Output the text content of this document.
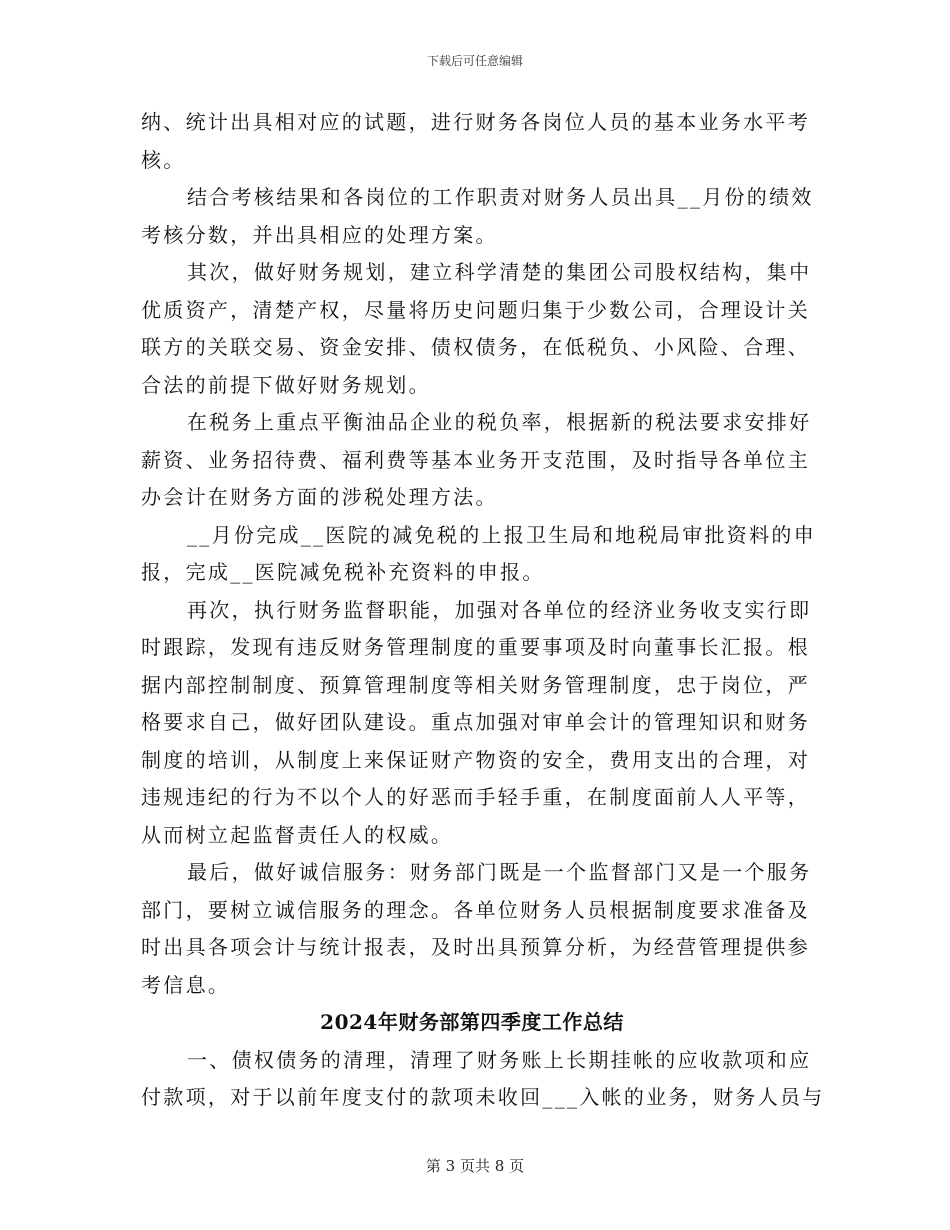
下载后可任意编辑
纳、统计出具相对应的试题，进行财务各岗位人员的基本业务水平考
核。
结合考核结果和各岗位的工作职责对财务人员出具__月份的绩效
考核分数，并出具相应的处理方案。
其次，做好财务规划，建立科学清楚的集团公司股权结构，集中
优质资产，清楚产权，尽量将历史问题归集于少数公司，合理设计关
联方的关联交易、资金安排、债权债务，在低税负、小风险、合理、
合法的前提下做好财务规划。
在税务上重点平衡油品企业的税负率，根据新的税法要求安排好
薪资、业务招待费、福利费等基本业务开支范围，及时指导各单位主
办会计在财务方面的涉税处理方法。
__月份完成__医院的减免税的上报卫生局和地税局审批资料的申
报，完成__医院减免税补充资料的申报。
再次，执行财务监督职能，加强对各单位的经济业务收支实行即
时跟踪，发现有违反财务管理制度的重要事项及时向董事长汇报。根
据内部控制制度、预算管理制度等相关财务管理制度，忠于岗位，严
格要求自己，做好团队建设。重点加强对审单会计的管理知识和财务
制度的培训，从制度上来保证财产物资的安全，费用支出的合理，对
违规违纪的行为不以个人的好恶而手轻手重，在制度面前人人平等，
从而树立起监督责任人的权威。
最后，做好诚信服务：财务部门既是一个监督部门又是一个服务
部门，要树立诚信服务的理念。各单位财务人员根据制度要求准备及
时出具各项会计与统计报表，及时出具预算分析，为经营管理提供参
考信息。
2024年财务部第四季度工作总结
一、债权债务的清理，清理了财务账上长期挂帐的应收款项和应
付款项，对于以前年度支付的款项未收回___入帐的业务，财务人员与
第 3 页共 8 页
